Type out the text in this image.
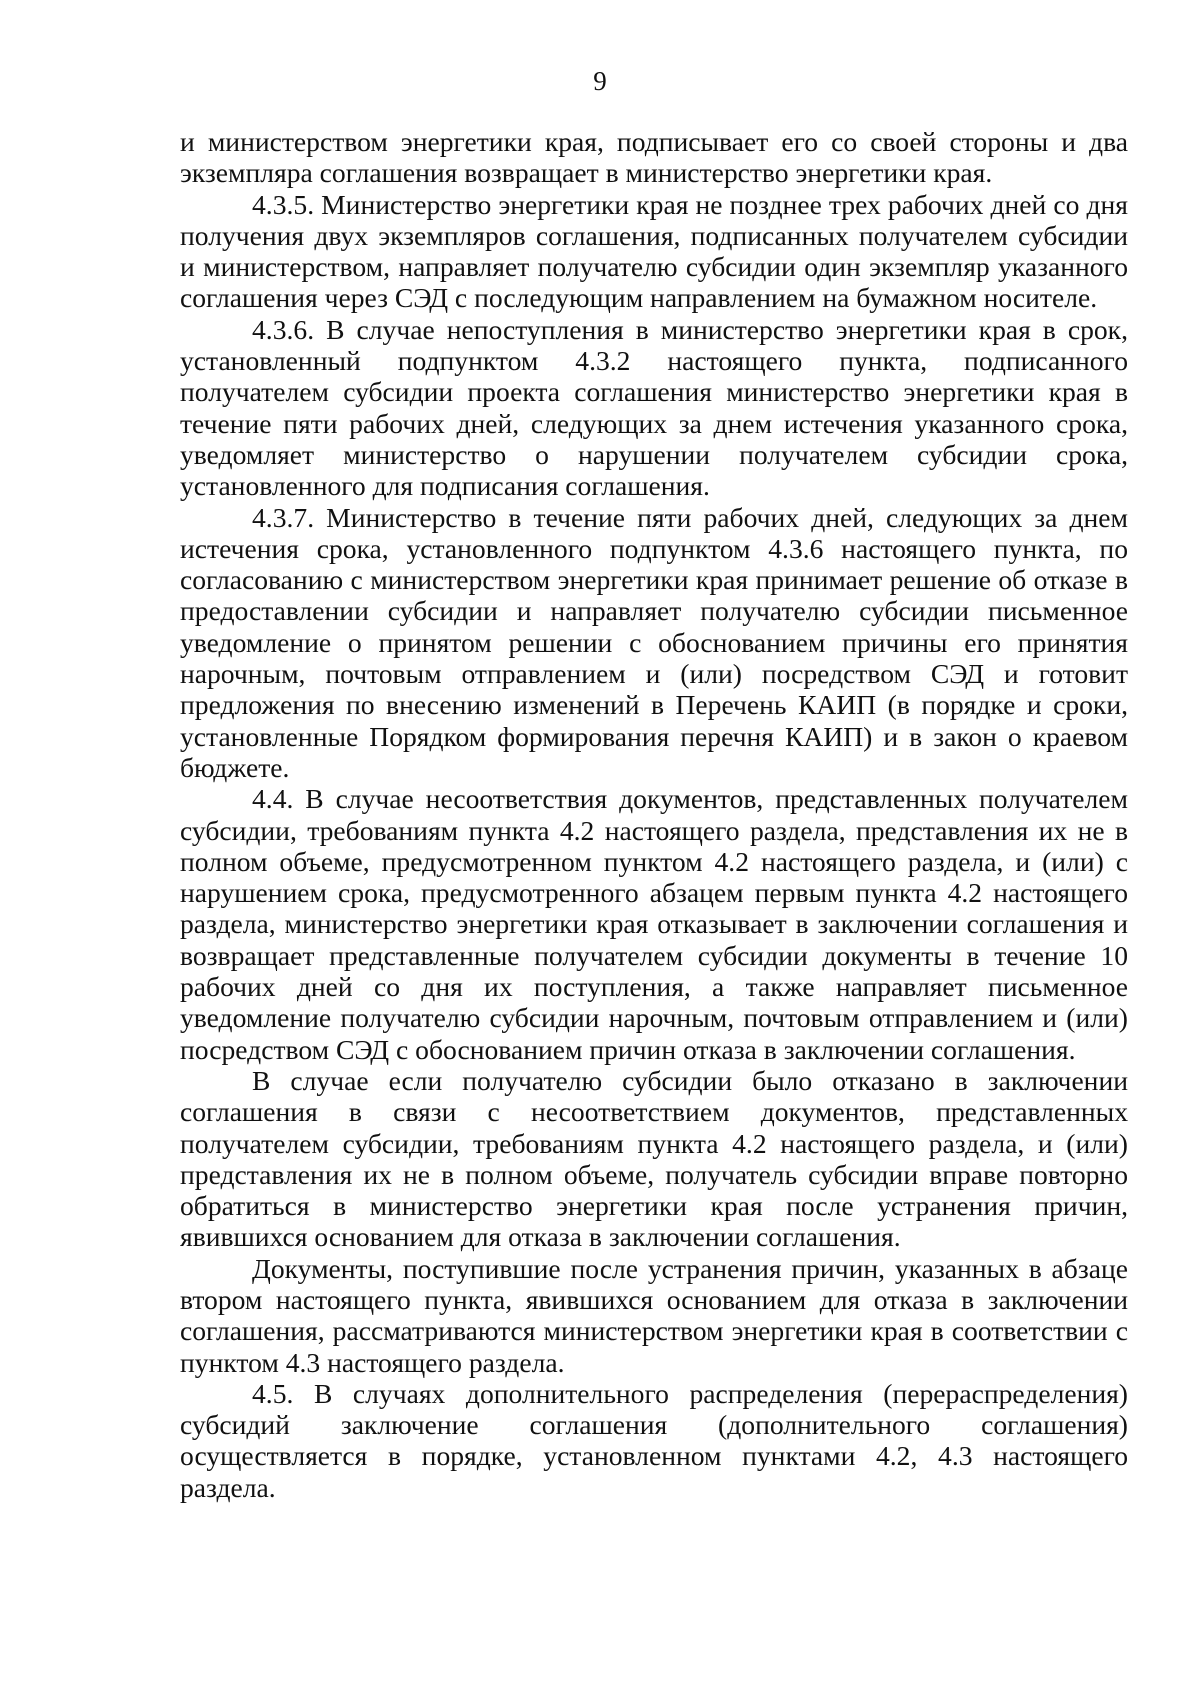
9

и министерством энергетики края, подписывает его со своей стороны и два экземпляра соглашения возвращает в министерство энергетики края.

4.3.5. Министерство энергетики края не позднее трех рабочих дней со дня получения двух экземпляров соглашения, подписанных получателем субсидии и министерством, направляет получателю субсидии один экземпляр указанного соглашения через СЭД с последующим направлением на бумажном носителе.

4.3.6. В случае непоступления в министерство энергетики края в срок, установленный подпунктом 4.3.2 настоящего пункта, подписанного получателем субсидии проекта соглашения министерство энергетики края в течение пяти рабочих дней, следующих за днем истечения указанного срока, уведомляет министерство о нарушении получателем субсидии срока, установленного для подписания соглашения.

4.3.7. Министерство в течение пяти рабочих дней, следующих за днем истечения срока, установленного подпунктом 4.3.6 настоящего пункта, по согласованию с министерством энергетики края принимает решение об отказе в предоставлении субсидии и направляет получателю субсидии письменное уведомление о принятом решении с обоснованием причины его принятия нарочным, почтовым отправлением и (или) посредством СЭД и готовит предложения по внесению изменений в Перечень КАИП (в порядке и сроки, установленные Порядком формирования перечня КАИП) и в закон о краевом бюджете.

4.4. В случае несоответствия документов, представленных получателем субсидии, требованиям пункта 4.2 настоящего раздела, представления их не в полном объеме, предусмотренном пунктом 4.2 настоящего раздела, и (или) с нарушением срока, предусмотренного абзацем первым пункта 4.2 настоящего раздела, министерство энергетики края отказывает в заключении соглашения и возвращает представленные получателем субсидии документы в течение 10 рабочих дней со дня их поступления, а также направляет письменное уведомление получателю субсидии нарочным, почтовым отправлением и (или) посредством СЭД с обоснованием причин отказа в заключении соглашения.

В случае если получателю субсидии было отказано в заключении соглашения в связи с несоответствием документов, представленных получателем субсидии, требованиям пункта 4.2 настоящего раздела, и (или) представления их не в полном объеме, получатель субсидии вправе повторно обратиться в министерство энергетики края после устранения причин, явившихся основанием для отказа в заключении соглашения.

Документы, поступившие после устранения причин, указанных в абзаце втором настоящего пункта, явившихся основанием для отказа в заключении соглашения, рассматриваются министерством энергетики края в соответствии с пунктом 4.3 настоящего раздела.

4.5. В случаях дополнительного распределения (перераспределения) субсидий заключение соглашения (дополнительного соглашения) осуществляется в порядке, установленном пунктами 4.2, 4.3 настоящего раздела.
